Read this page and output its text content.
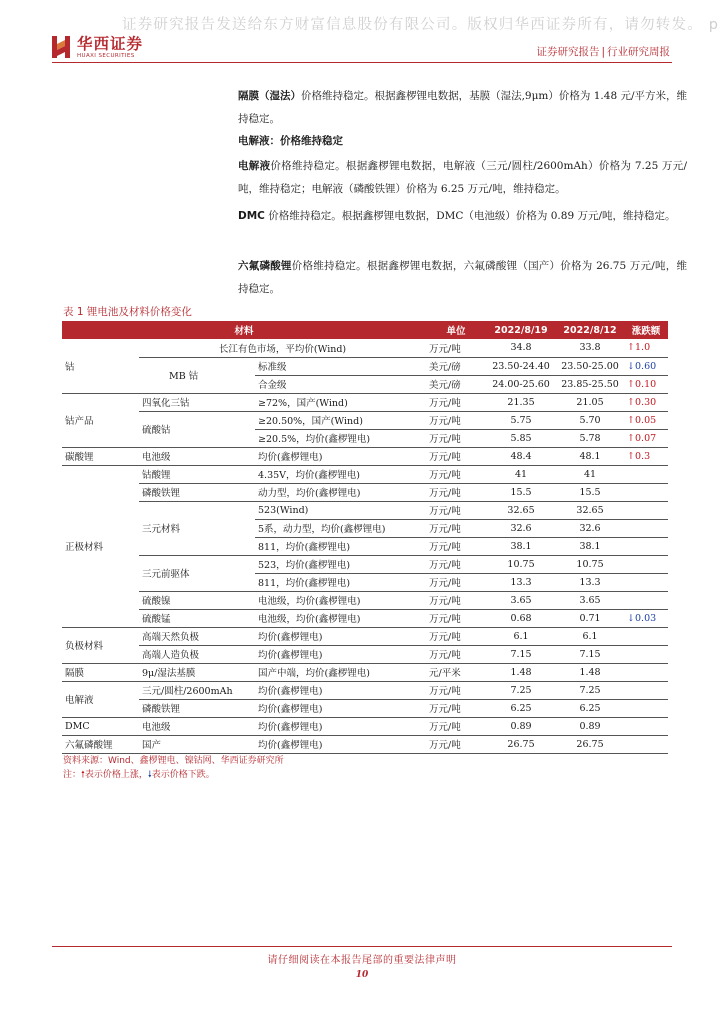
证券研究报告发送给东方财富信息股份有限公司。版权归华西证券所有，请勿转发。 p
华西证券
HUAXI SECURITIES	证券研究报告 | 行业研究周报
隔膜（湿法）价格维持稳定。根据鑫椤锂电数据，基膜（湿法,9μm）价格为 1.48 元/平方米，维持稳定。
电解液：价格维持稳定
电解液价格维持稳定。根据鑫椤锂电数据，电解液（三元/圆柱/2600mAh）价格为 7.25 万元/吨，维持稳定；电解液（磷酸铁锂）价格为 6.25 万元/吨，维持稳定。
DMC 价格维持稳定。根据鑫椤锂电数据，DMC（电池级）价格为 0.89 万元/吨，维持稳定。
六氟磷酸锂价格维持稳定。根据鑫椤锂电数据，六氟磷酸锂（国产）价格为 26.75 万元/吨，维持稳定。
表 1 锂电池及材料价格变化
材料			单位	2022/8/19	2022/8/12	涨跌额
钴	长江有色市场，平均价(Wind)		万元/吨	34.8	33.8	↑ 1.0
	MB 钴	标准级	美元/磅	23.50-24.40	23.50-25.00	↓ 0.60
		合金级	美元/磅	24.00-25.60	23.85-25.50	↑ 0.10
钴产品	四氧化三钴	≥72%，国产(Wind)	万元/吨	21.35	21.05	↑ 0.30
	硫酸钴	≥20.50%，国产(Wind)	万元/吨	5.75	5.70	↑ 0.05
		≥20.5%，均价(鑫椤锂电)	万元/吨	5.85	5.78	↑ 0.07
碳酸锂	电池级	均价(鑫椤锂电)	万元/吨	48.4	48.1	↑ 0.3
正极材料	钴酸锂	4.35V，均价(鑫椤锂电)	万元/吨	41	41	
	磷酸铁锂	动力型，均价(鑫椤锂电)	万元/吨	15.5	15.5	
	三元材料	523(Wind)	万元/吨	32.65	32.65	
		5系，动力型，均价(鑫椤锂电)	万元/吨	32.6	32.6	
		811，均价(鑫椤锂电)	万元/吨	38.1	38.1	
	三元前驱体	523，均价(鑫椤锂电)	万元/吨	10.75	10.75	
		811，均价(鑫椤锂电)	万元/吨	13.3	13.3	
	硫酸镍	电池级，均价(鑫椤锂电)	万元/吨	3.65	3.65	
	硫酸锰	电池级，均价(鑫椤锂电)	万元/吨	0.68	0.71	↓ 0.03
负极材料	高端天然负极	均价(鑫椤锂电)	万元/吨	6.1	6.1	
	高端人造负极	均价(鑫椤锂电)	万元/吨	7.15	7.15	
隔膜	9μ/湿法基膜	国产中端，均价(鑫椤锂电)	元/平米	1.48	1.48	
电解液	三元/圆柱/2600mAh	均价(鑫椤锂电)	万元/吨	7.25	7.25	
	磷酸铁锂	均价(鑫椤锂电)	万元/吨	6.25	6.25	
DMC	电池级	均价(鑫椤锂电)	万元/吨	0.89	0.89	
六氟磷酸锂	国产	均价(鑫椤锂电)	万元/吨	26.75	26.75	
资料来源：Wind、鑫椤锂电、镍钴网、华西证券研究所
注：🠕表示价格上涨，🠗表示价格下跌。
请仔细阅读在本报告尾部的重要法律声明
10
